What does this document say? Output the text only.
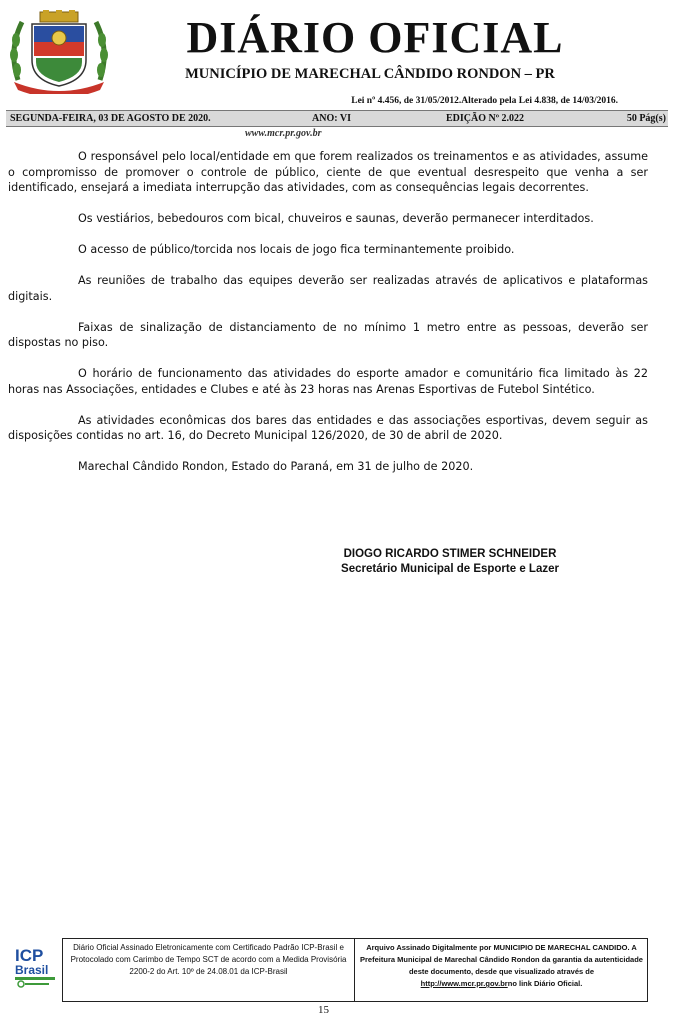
DIÁRIO OFICIAL
MUNICÍPIO DE MARECHAL CÂNDIDO RONDON – PR
Lei nº 4.456, de 31/05/2012.Alterado pela Lei 4.838, de 14/03/2016.
SEGUNDA-FEIRA, 03 DE AGOSTO DE 2020.	ANO: VI	EDIÇÃO Nº 2.022	50 Pág(s)
www.mcr.pr.gov.br

O responsável pelo local/entidade em que forem realizados os treinamentos e as atividades, assume o compromisso de promover o controle de público, ciente de que eventual desrespeito que venha a ser identificado, ensejará a imediata interrupção das atividades, com as consequências legais decorrentes.

Os vestiários, bebedouros com bical, chuveiros e saunas, deverão permanecer interditados.

O acesso de público/torcida nos locais de jogo fica terminantemente proibido.

As reuniões de trabalho das equipes deverão ser realizadas através de aplicativos e plataformas digitais.

Faixas de sinalização de distanciamento de no mínimo 1 metro entre as pessoas, deverão ser dispostas no piso.

O horário de funcionamento das atividades do esporte amador e comunitário fica limitado às 22 horas nas Associações, entidades e Clubes e até às 23 horas nas Arenas Esportivas de Futebol Sintético.

As atividades econômicas dos bares das entidades e das associações esportivas, devem seguir as disposições contidas no art. 16, do Decreto Municipal 126/2020, de 30 de abril de 2020.

Marechal Cândido Rondon, Estado do Paraná, em 31 de julho de 2020.

DIOGO RICARDO STIMER SCHNEIDER
Secretário Municipal de Esporte e Lazer
ICP
Brasil
Diário Oficial Assinado Eletronicamente com Certificado Padrão ICP-Brasil e Protocolado com Carimbo de Tempo SCT de acordo com a Medida Provisória 2200-2 do Art. 10º de 24.08.01 da ICP-Brasil
Arquivo Assinado Digitalmente por MUNICIPIO DE MARECHAL CANDIDO. A Prefeitura Municipal de Marechal Cândido Rondon da garantia da autenticidade deste documento, desde que visualizado através de
http://www.mcr.pr.gov.brno link Diário Oficial.
15
